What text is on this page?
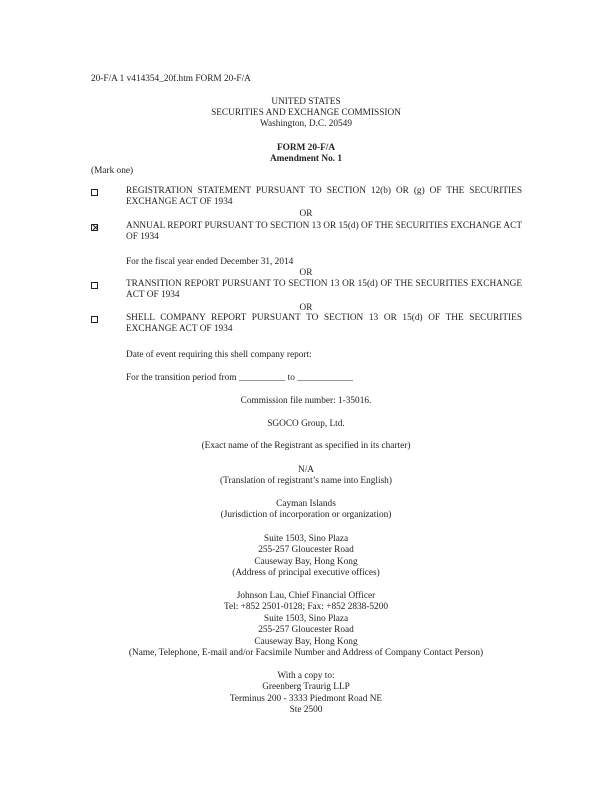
20-F/A 1 v414354_20f.htm FORM 20-F/A
UNITED STATES
SECURITIES AND EXCHANGE COMMISSION
Washington, D.C. 20549
FORM 20-F/A
Amendment No. 1
(Mark one)
REGISTRATION STATEMENT PURSUANT TO SECTION 12(b) OR (g) OF THE SECURITIES EXCHANGE ACT OF 1934
OR
ANNUAL REPORT PURSUANT TO SECTION 13 OR 15(d) OF THE SECURITIES EXCHANGE ACT OF 1934
For the fiscal year ended December 31, 2014
OR
TRANSITION REPORT PURSUANT TO SECTION 13 OR 15(d) OF THE SECURITIES EXCHANGE ACT OF 1934
OR
SHELL COMPANY REPORT PURSUANT TO SECTION 13 OR 15(d) OF THE SECURITIES EXCHANGE ACT OF 1934
Date of event requiring this shell company report:
For the transition period from __________ to ____________
Commission file number: 1-35016.
SGOCO Group, Ltd.
(Exact name of the Registrant as specified in its charter)
N/A
(Translation of registrant’s name into English)
Cayman Islands
(Jurisdiction of incorporation or organization)
Suite 1503, Sino Plaza
255-257 Gloucester Road
Causeway Bay, Hong Kong
(Address of principal executive offices)
Johnson Lau, Chief Financial Officer
Tel: +852 2501-0128; Fax: +852 2838-5200
Suite 1503, Sino Plaza
255-257 Gloucester Road
Causeway Bay, Hong Kong
(Name, Telephone, E-mail and/or Facsimile Number and Address of Company Contact Person)
With a copy to:
Greenberg Traurig LLP
Terminus 200 - 3333 Piedmont Road NE
Ste 2500
